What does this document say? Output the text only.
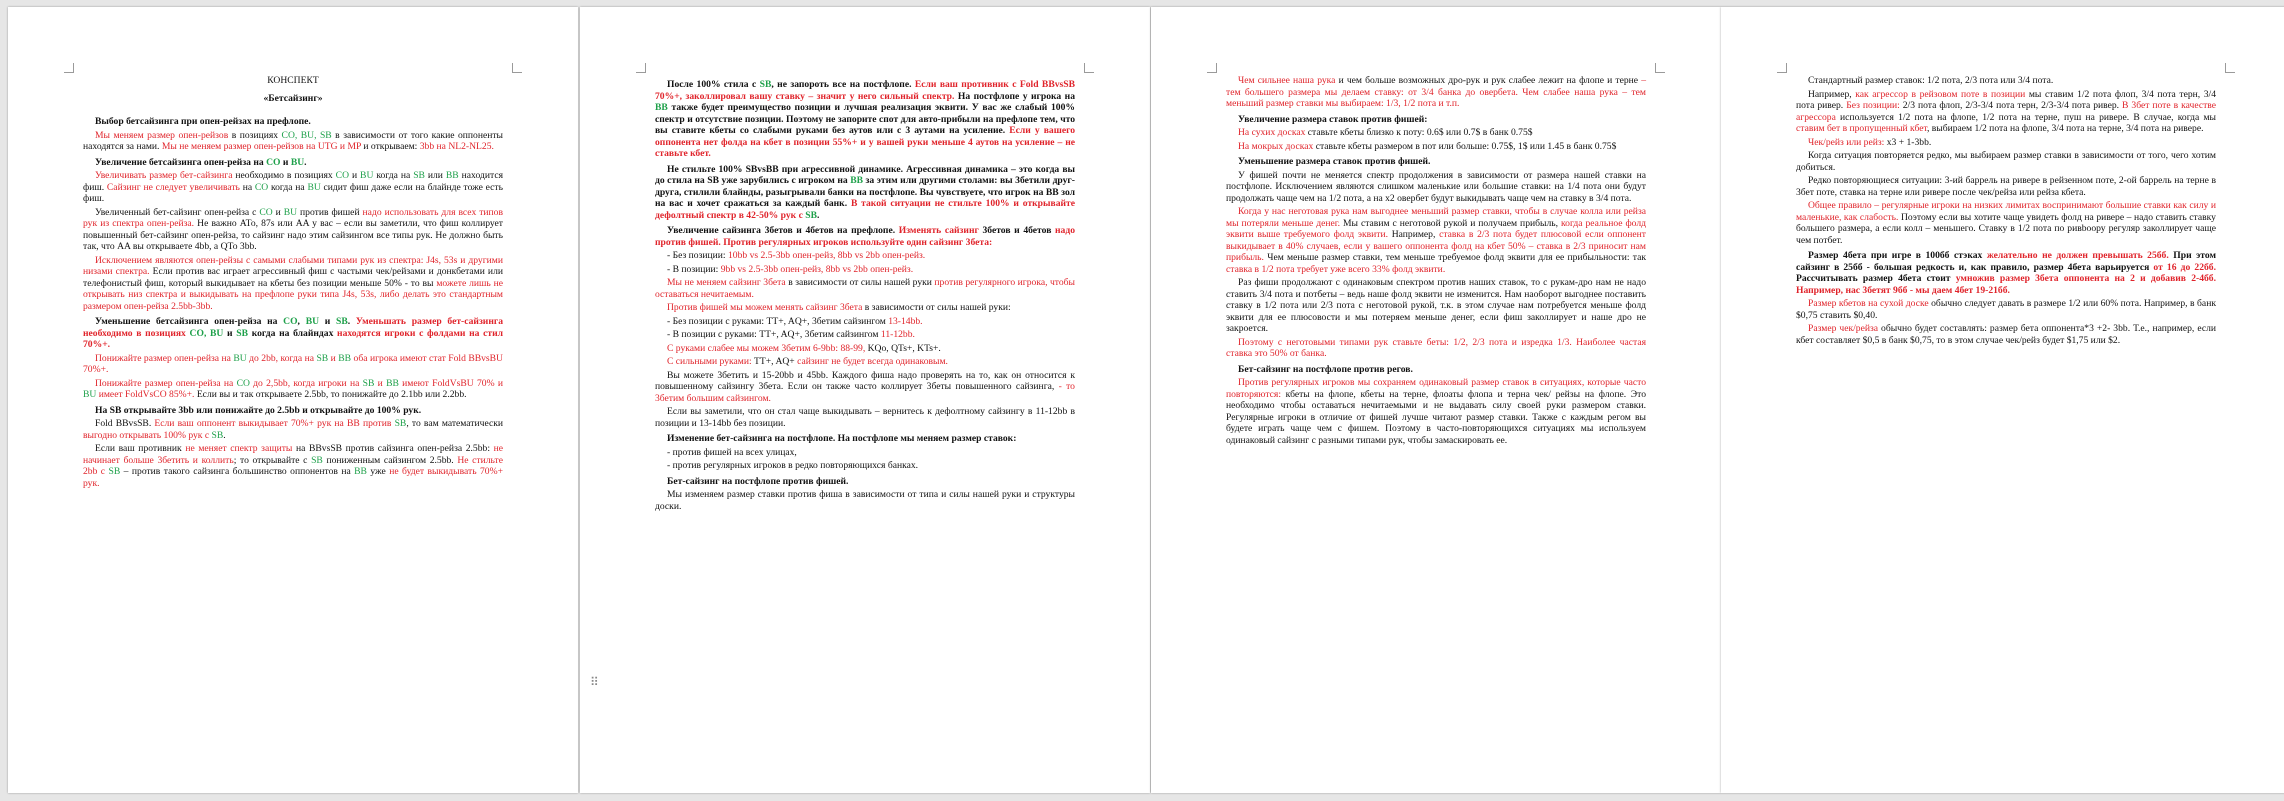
КОНСПЕКТ

«Бетсайзинг»

Выбор бетсайзинга при опен-рейзах на префлопе.

Мы меняем размер опен-рейзов в позициях CO, BU, SB в зависимости от того какие оппоненты находятся за нами. Мы не меняем размер опен-рейзов на UTG и MP и открываем: 3bb на NL2-NL25.

Увеличение бетсайзинга опен-рейза на CO и BU.

Увеличивать размер бет-сайзинга необходимо в позициях CO и BU когда на SB или BB находится фиш. Сайзинг не следует увеличивать на CO когда на BU сидит фиш даже если на блайнде тоже есть фиш.

Увеличенный бет-сайзинг опен-рейза с CO и BU против фишей надо использовать для всех типов рук из спектра опен-рейза. Не важно ATo, 87s или AA у вас – если вы заметили, что фиш коллирует повышенный бет-сайзинг опен-рейза, то сайзинг надо этим сайзингом все типы рук. Не должно быть так, что AA вы открываете 4bb, а QTo 3bb.

Исключением являются опен-рейзы с самыми слабыми типами рук из спектра: J4s, 53s и другими низами спектра. Если против вас играет агрессивный фиш с частыми чек/рейзами и донкбетами или телефонистый фиш, который выкидывает на кбеты без позиции меньше 50% - то вы можете лишь не открывать низ спектра и выкидывать на префлопе руки типа J4s, 53s, либо делать это стандартным размером опен-рейза 2.5bb-3bb.

Уменьшение бетсайзинга опен-рейза на CO, BU и SB. Уменьшать размер бет-сайзинга необходимо в позициях CO, BU и SB когда на блайндах находятся игроки с фолдами на стил 70%+.

Понижайте размер опен-рейза на BU до 2bb, когда на SB и BB оба игрока имеют стат Fold BBvsBU 70%+.

Понижайте размер опен-рейза на CO до 2,5bb, когда игроки на SB и BB имеют FoldVsBU 70% и BU имеет FoldVsCO 85%+. Если вы и так открываете 2.5bb, то понижайте до 2.1bb или 2.2bb.

На SB открывайте 3bb или понижайте до 2.5bb и открывайте до 100% рук.

Fold BBvsSB. Если ваш оппонент выкидывает 70%+ рук на BB против SB, то вам математически выгодно открывать 100% рук с SB.

Если ваш противник не меняет спектр защиты на BBvsSB против сайзинга опен-рейза 2.5bb: не начинает больше 3бетить и коллить; то открывайте с SB пониженным сайзингом 2.5bb. Не стильте 2bb с SB – против такого сайзинга большинство оппонентов на BB уже не будет выкидывать 70%+ рук.

⠿

После 100% стила с SB, не запороть все на постфлопе. Если ваш противник с Fold BBvsSB 70%+, заколлировал вашу ставку – значит у него сильный спектр. На постфлопе у игрока на BB также будет преимущество позиции и лучшая реализация эквити. У вас же слабый 100% спектр и отсутствие позиции. Поэтому не запорите спот для авто-прибыли на префлопе тем, что вы ставите кбеты со слабыми руками без аутов или с 3 аутами на усиление. Если у вашего оппонента нет фолда на кбет в позиции 55%+ и у вашей руки меньше 4 аутов на усиление – не ставьте кбет.

Не стильте 100% SBvsBB при агрессивной динамике. Агрессивная динамика – это когда вы до стила на SB уже зарубились с игроком на BB за этим или другими столами: вы 3бетили друг-друга, стилили блайнды, разыгрывали банки на постфлопе. Вы чувствуете, что игрок на BB зол на вас и хочет сражаться за каждый банк. В такой ситуации не стильте 100% и открывайте дефолтный спектр в 42-50% рук с SB.

Увеличение сайзинга 3бетов и 4бетов на префлопе. Изменять сайзинг 3бетов и 4бетов надо против фишей. Против регулярных игроков используйте один сайзинг 3бета:

- Без позиции: 10bb vs 2.5-3bb опен-рейз, 8bb vs 2bb опен-рейз.

- В позиции: 9bb vs 2.5-3bb опен-рейз, 8bb vs 2bb опен-рейз.

Мы не меняем сайзинг 3бета в зависимости от силы нашей руки против регулярного игрока, чтобы оставаться нечитаемым.

Против фишей мы можем менять сайзинг 3бета в зависимости от силы нашей руки:

- Без позиции с руками: TT+, AQ+, 3бетим сайзингом 13-14bb.

- В позиции с руками: TT+, AQ+, 3бетим сайзингом 11-12bb.

С руками слабее мы можем 3бетим 6-9bb: 88-99, KQo, QTs+, KTs+.

С сильными руками: TT+, AQ+ сайзинг не будет всегда одинаковым.

Вы можете 3бетить и 15-20bb и 45bb. Каждого фиша надо проверять на то, как он относится к повышенному сайзингу 3бета. Если он также часто коллирует 3беты повышенного сайзинга, - то 3бетим большим сайзингом.

Если вы заметили, что он стал чаще выкидывать – вернитесь к дефолтному сайзингу в 11-12bb в позиции и 13-14bb без позиции.

Изменение бет-сайзинга на постфлопе. На постфлопе мы меняем размер ставок:

- против фишей на всех улицах,

- против регулярных игроков в редко повторяющихся банках.

Бет-сайзинг на постфлопе против фишей.

Мы изменяем размер ставки против фиша в зависимости от типа и силы нашей руки и структуры доски.

Чем сильнее наша рука и чем больше возможных дро-рук и рук слабее лежит на флопе и терне – тем большего размера мы делаем ставку: от 3/4 банка до овербета. Чем слабее наша рука – тем меньший размер ставки мы выбираем: 1/3, 1/2 пота и т.п.

Увеличение размера ставок против фишей:

На сухих досках ставьте кбеты близко к поту: 0.6$ или 0.7$ в банк 0.75$

На мокрых досках ставьте кбеты размером в пот или больше: 0.75$, 1$ или 1.45 в банк 0.75$

Уменьшение размера ставок против фишей.

У фишей почти не меняется спектр продолжения в зависимости от размера нашей ставки на постфлопе. Исключением являются слишком маленькие или большие ставки: на 1/4 пота они будут продолжать чаще чем на 1/2 пота, а на х2 овербет будут выкидывать чаще чем на ставку в 3/4 пота.

Когда у нас неготовая рука нам выгоднее меньший размер ставки, чтобы в случае колла или рейза мы потеряли меньше денег. Мы ставим с неготовой рукой и получаем прибыль, когда реальное фолд эквити выше требуемого фолд эквити. Например, ставка в 2/3 пота будет плюсовой если оппонент выкидывает в 40% случаев, если у вашего оппонента фолд на кбет 50% – ставка в 2/3 приносит нам прибыль. Чем меньше размер ставки, тем меньше требуемое фолд эквити для ее прибыльности: так ставка в 1/2 пота требует уже всего 33% фолд эквити.

Раз фиши продолжают с одинаковым спектром против наших ставок, то с рукам-дро нам не надо ставить 3/4 пота и потбеты – ведь наше фолд эквити не изменится. Нам наоборот выгоднее поставить ставку в 1/2 пота или 2/3 пота с неготовой рукой, т.к. в этом случае нам потребуется меньше фолд эквити для ее плюсовости и мы потеряем меньше денег, если фиш заколлирует и наше дро не закроется.

Поэтому с неготовыми типами рук ставьте беты: 1/2, 2/3 пота и изредка 1/3. Наиболее частая ставка это 50% от банка.

Бет-сайзинг на постфлопе против регов.

Против регулярных игроков мы сохраняем одинаковый размер ставок в ситуациях, которые часто повторяются: кбеты на флопе, кбеты на терне, флоаты флопа и терна чек/ рейзы на флопе. Это необходимо чтобы оставаться нечитаемыми и не выдавать силу своей руки размером ставки. Регулярные игроки в отличие от фишей лучше читают размер ставки. Также с каждым регом вы будете играть чаще чем с фишем. Поэтому в часто-повторяющихся ситуациях мы используем одинаковый сайзинг с разными типами рук, чтобы замаскировать ее.

Стандартный размер ставок: 1/2 пота, 2/3 пота или 3/4 пота.

Например, как агрессор в рейзовом поте в позиции мы ставим 1/2 пота флоп, 3/4 пота терн, 3/4 пота ривер. Без позиции: 2/3 пота флоп, 2/3-3/4 пота терн, 2/3-3/4 пота ривер. В 3бет поте в качестве агрессора используется 1/2 пота на флопе, 1/2 пота на терне, пуш на ривере. В случае, когда мы ставим бет в пропущенный кбет, выбираем 1/2 пота на флопе, 3/4 пота на терне, 3/4 пота на ривере.

Чек/рейз или рейз: x3 + 1-3bb.

Когда ситуация повторяется редко, мы выбираем размер ставки в зависимости от того, чего хотим добиться.

Редко повторяющиеся ситуации: 3-ий баррель на ривере в рейзенном поте, 2-ой баррель на терне в 3бет поте, ставка на терне или ривере после чек/рейза или рейза кбета.

Общее правило – регулярные игроки на низких лимитах воспринимают большие ставки как силу и маленькие, как слабость. Поэтому если вы хотите чаще увидеть фолд на ривере – надо ставить ставку большего размера, а если колл – меньшего. Ставку в 1/2 пота по ривbooру регуляр заколлирует чаще чем потбет.

Размер 4бета при игре в 100бб стэках желательно не должен превышать 25бб. При этом сайзинг в 25бб - большая редкость и, как правило, размер 4бета варьируется от 16 до 22бб. Рассчитывать размер 4бета стоит умножив размер 3бета оппонента на 2 и добавив 2-4бб. Например, нас 3бетят 9бб - мы даем 4бет 19-21бб.

Размер кбетов на сухой доске обычно следует давать в размере 1/2 или 60% пота. Например, в банк $0,75 ставить $0,40.

Размер чек/рейза обычно будет составлять: размер бета оппонента*3 +2- 3bb. Т.е., например, если кбет составляет $0,5 в банк $0,75, то в этом случае чек/рейз будет $1,75 или $2.
